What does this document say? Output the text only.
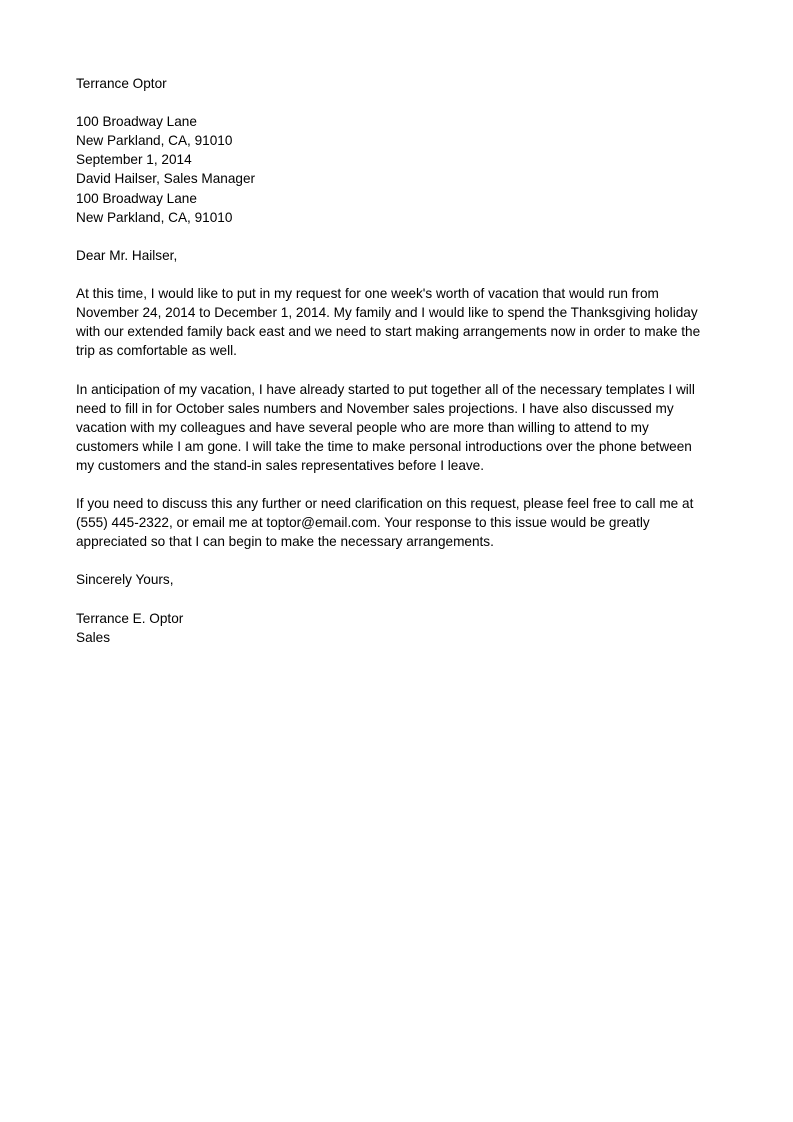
Terrance Optor
100 Broadway Lane
New Parkland, CA, 91010
September 1, 2014
David Hailser, Sales Manager
100 Broadway Lane
New Parkland, CA, 91010
Dear Mr. Hailser,
At this time, I would like to put in my request for one week's worth of vacation that would run from
November 24, 2014 to December 1, 2014. My family and I would like to spend the Thanksgiving holiday
with our extended family back east and we need to start making arrangements now in order to make the
trip as comfortable as well.
In anticipation of my vacation, I have already started to put together all of the necessary templates I will
need to fill in for October sales numbers and November sales projections. I have also discussed my
vacation with my colleagues and have several people who are more than willing to attend to my
customers while I am gone. I will take the time to make personal introductions over the phone between
my customers and the stand-in sales representatives before I leave.
If you need to discuss this any further or need clarification on this request, please feel free to call me at
(555) 445-2322, or email me at toptor@email.com. Your response to this issue would be greatly
appreciated so that I can begin to make the necessary arrangements.
Sincerely Yours,
Terrance E. Optor
Sales
